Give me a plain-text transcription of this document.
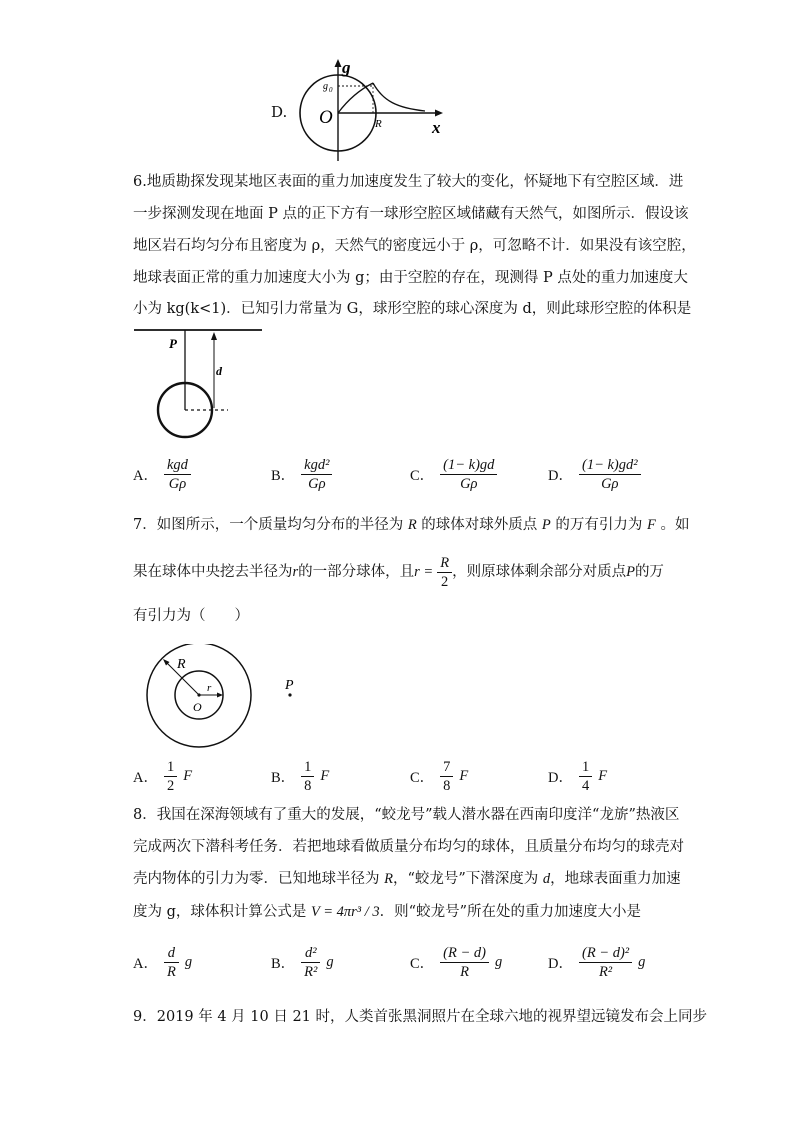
D.
g
x
O
g 0
R
6.地质勘探发现某地区表面的重力加速度发生了较大的变化，怀疑地下有空腔区域．进
一步探测发现在地面 P 点的正下方有一球形空腔区域储藏有天然气，如图所示．假设该
地区岩石均匀分布且密度为 ρ，天然气的密度远小于 ρ，可忽略不计．如果没有该空腔，
地球表面正常的重力加速度大小为 g；由于空腔的存在，现测得 P 点处的重力加速度大
小为 kg(k<1)．已知引力常量为 G，球形空腔的球心深度为 d，则此球形空腔的体积是
P
d
A． $\frac{\text{kgd}}{G\rho}$	B． $\frac{\text{kgd²}}{G\rho}$	C． $\frac{(1- k)gd}{G\rho}$	D． $\frac{\text{(1− k)gd²}}{G\rho}$
7．如图所示，一个质量均匀分布的半径为 R 的球体对球外质点 P 的万有引力为 F 。如
果在球体中央挖去半径为 r 的一部分球体，且 $r = \frac{R}{2}$ ，则原球体剩余部分对质点 P 的万
有引力为（　　）
R
r
O
P
A． $\frac{1}{2}$ F	B． $\frac{1}{8}$ F	C． $\frac{7}{8}$ F	D． $\frac{1}{4}$ F
8．我国在深海领域有了重大的发展，“蛟龙号”载人潜水器在西南印度洋“龙旂”热液区
完成两次下潜科考任务．若把地球看做质量分布均匀的球体，且质量分布均匀的球壳对
壳内物体的引力为零．已知地球半径为 R，“蛟龙号”下潜深度为 d，地球表面重力加速
度为 g，球体积计算公式是 V = 4πr³ / 3．则“蛟龙号”所在处的重力加速度大小是
A． $\frac{d}{R}$ g	B． $\frac{\text{d²}}{\text{R²}}$ g	C． $\frac{(R - d)}{R}$ g	D． $\frac{\text{(R − d)²}}{\text{R²}}$ g
9．2019 年 4 月 10 日 21 时，人类首张黑洞照片在全球六地的视界望远镜发布会上同步
